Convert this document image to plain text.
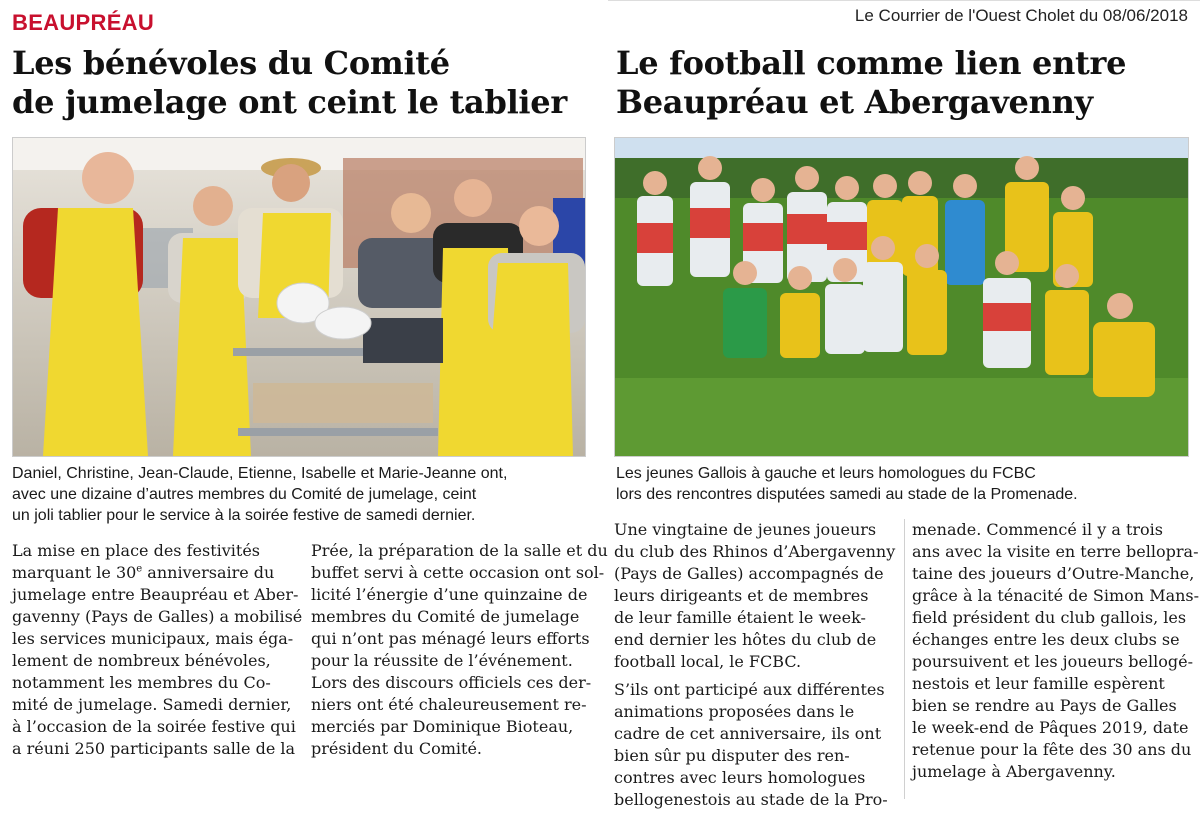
Le Courrier de l'Ouest Cholet du 08/06/2018
BEAUPRÉAU
Les bénévoles du Comité
de jumelage ont ceint le tablier
Daniel, Christine, Jean-Claude, Etienne, Isabelle et Marie-Jeanne ont,
avec une dizaine d’autres membres du Comité de jumelage, ceint
un joli tablier pour le service à la soirée festive de samedi dernier.
La mise en place des festivités
marquant le 30e anniversaire du
jumelage entre Beaupréau et Aber-
gavenny (Pays de Galles) a mobilisé
les services municipaux, mais éga-
lement de nombreux bénévoles,
notamment les membres du Co-
mité de jumelage. Samedi dernier,
à l’occasion de la soirée festive qui
a réuni 250 participants salle de la
Prée, la préparation de la salle et du
buffet servi à cette occasion ont sol-
licité l’énergie d’une quinzaine de
membres du Comité de jumelage
qui n’ont pas ménagé leurs efforts
pour la réussite de l’événement.
Lors des discours officiels ces der-
niers ont été chaleureusement re-
merciés par Dominique Bioteau,
président du Comité.
Le football comme lien entre
Beaupréau et Abergavenny
Les jeunes Gallois à gauche et leurs homologues du FCBC
lors des rencontres disputées samedi au stade de la Promenade.
Une vingtaine de jeunes joueurs
du club des Rhinos d’Abergavenny
(Pays de Galles) accompagnés de
leurs dirigeants et de membres
de leur famille étaient le week-
end dernier les hôtes du club de
football local, le FCBC.
S’ils ont participé aux différentes
animations proposées dans le
cadre de cet anniversaire, ils ont
bien sûr pu disputer des ren-
contres avec leurs homologues
bellogenestois au stade de la Pro-
menade. Commencé il y a trois
ans avec la visite en terre bellopra-
taine des joueurs d’Outre-Manche,
grâce à la ténacité de Simon Mans-
field président du club gallois, les
échanges entre les deux clubs se
poursuivent et les joueurs bellogé-
nestois et leur famille espèrent
bien se rendre au Pays de Galles
le week-end de Pâques 2019, date
retenue pour la fête des 30 ans du
jumelage à Abergavenny.
